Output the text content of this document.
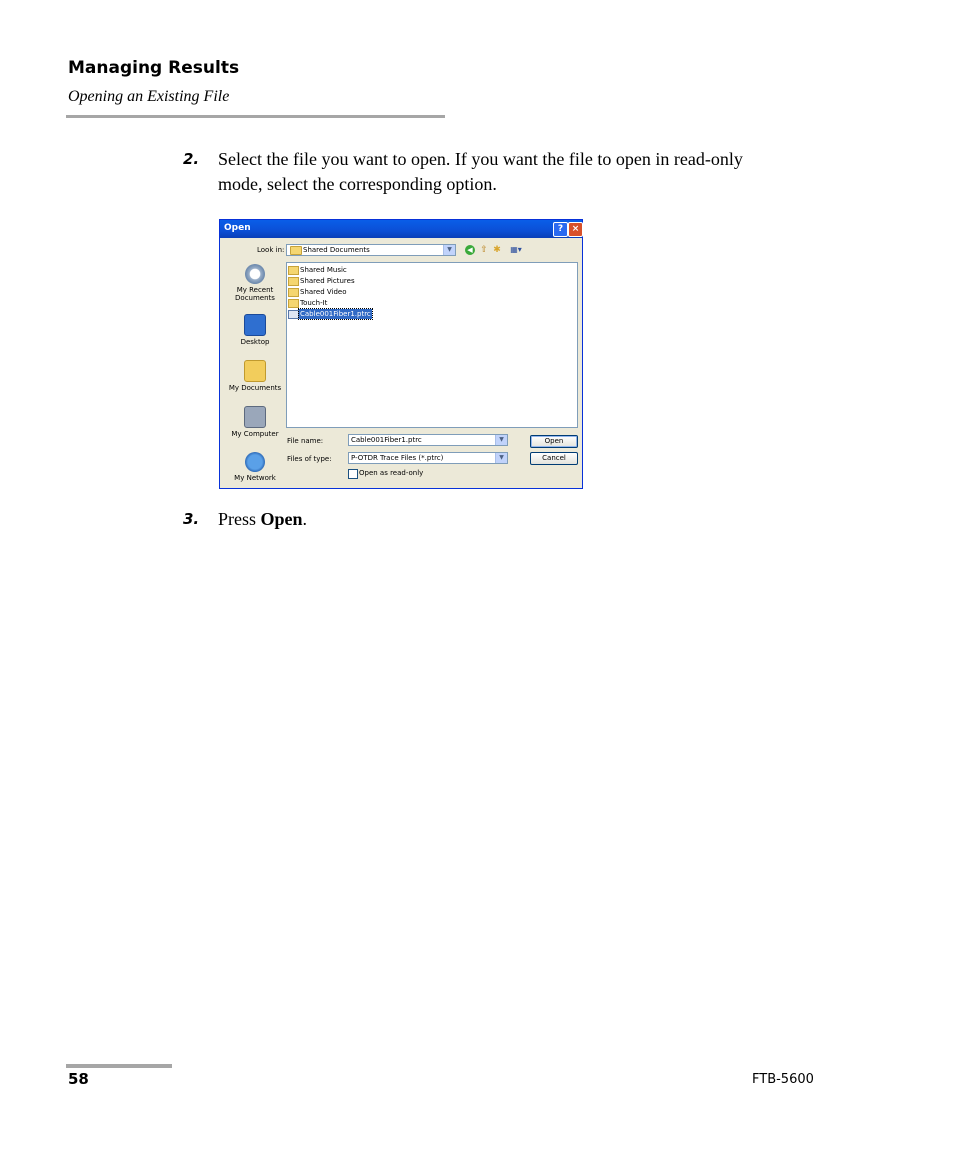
Managing Results
Opening an Existing File
2. Select the file you want to open. If you want the file to open in read-only mode, select the corresponding option.
Open	? ×
Look in:	Shared Documents	▼	◀ ⇧ ✱ ▦▾
My Recent Documents
Desktop
My Documents
My Computer
My Network
Shared Music
Shared Pictures
Shared Video
Touch-It
Cable001Fiber1.ptrc
File name:	Cable001Fiber1.ptrc	▼
Files of type:	P-OTDR Trace Files (*.ptrc)	▼
Open
Cancel
Open as read-only
3. Press Open.
58	FTB-5600
